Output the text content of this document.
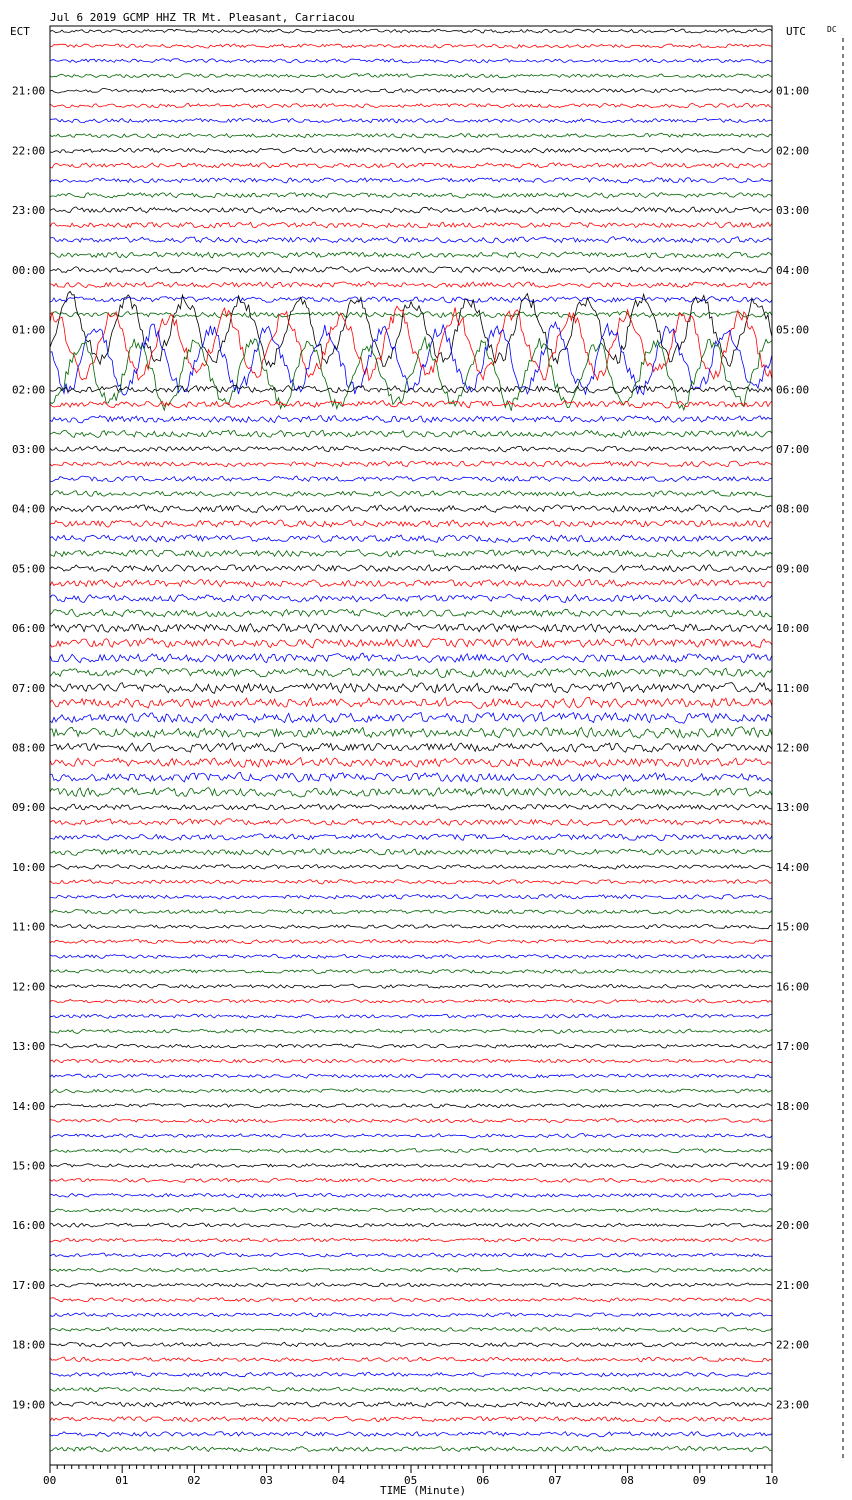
Jul 6 2019 GCMP HHZ TR Mt. Pleasant, Carriacou
ECT	UTC	DC
21:00
22:00
23:00
00:00
01:00
02:00
03:00
04:00
05:00
06:00
07:00
08:00
09:00
10:00
11:00
12:00
13:00
14:00
15:00
16:00
17:00
18:00
19:00
01:00
02:00
03:00
04:00
05:00
06:00
07:00
08:00
09:00
10:00
11:00
12:00
13:00
14:00
15:00
16:00
17:00
18:00
19:00
20:00
21:00
22:00
23:00
00	01	02	03	04	05	06	07	08	09	10
TIME (Minute)
